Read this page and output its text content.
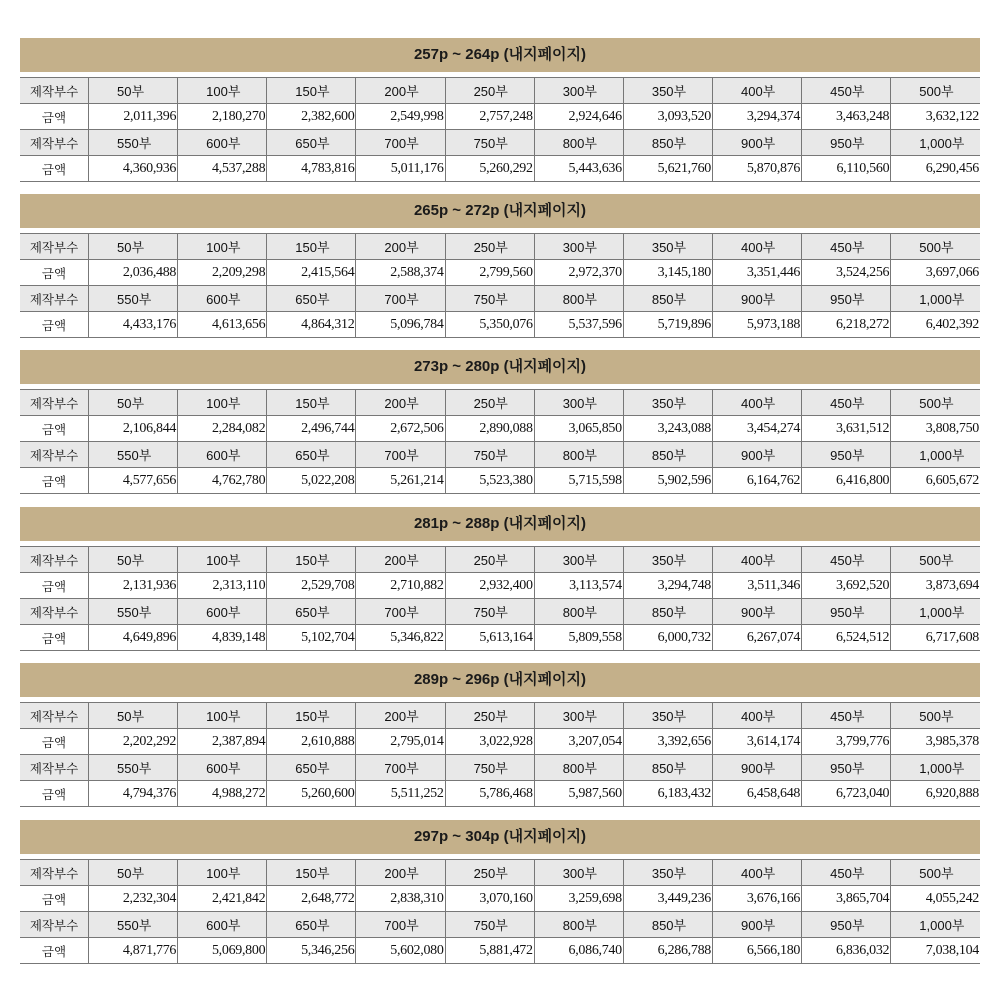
257p ~ 264p (내지페이지)
제작부수	50부	100부	150부	200부	250부	300부	350부	400부	450부	500부
금액	2,011,396	2,180,270	2,382,600	2,549,998	2,757,248	2,924,646	3,093,520	3,294,374	3,463,248	3,632,122
제작부수	550부	600부	650부	700부	750부	800부	850부	900부	950부	1,000부
금액	4,360,936	4,537,288	4,783,816	5,011,176	5,260,292	5,443,636	5,621,760	5,870,876	6,110,560	6,290,456
265p ~ 272p (내지페이지)
제작부수	50부	100부	150부	200부	250부	300부	350부	400부	450부	500부
금액	2,036,488	2,209,298	2,415,564	2,588,374	2,799,560	2,972,370	3,145,180	3,351,446	3,524,256	3,697,066
제작부수	550부	600부	650부	700부	750부	800부	850부	900부	950부	1,000부
금액	4,433,176	4,613,656	4,864,312	5,096,784	5,350,076	5,537,596	5,719,896	5,973,188	6,218,272	6,402,392
273p ~ 280p (내지페이지)
제작부수	50부	100부	150부	200부	250부	300부	350부	400부	450부	500부
금액	2,106,844	2,284,082	2,496,744	2,672,506	2,890,088	3,065,850	3,243,088	3,454,274	3,631,512	3,808,750
제작부수	550부	600부	650부	700부	750부	800부	850부	900부	950부	1,000부
금액	4,577,656	4,762,780	5,022,208	5,261,214	5,523,380	5,715,598	5,902,596	6,164,762	6,416,800	6,605,672
281p ~ 288p (내지페이지)
제작부수	50부	100부	150부	200부	250부	300부	350부	400부	450부	500부
금액	2,131,936	2,313,110	2,529,708	2,710,882	2,932,400	3,113,574	3,294,748	3,511,346	3,692,520	3,873,694
제작부수	550부	600부	650부	700부	750부	800부	850부	900부	950부	1,000부
금액	4,649,896	4,839,148	5,102,704	5,346,822	5,613,164	5,809,558	6,000,732	6,267,074	6,524,512	6,717,608
289p ~ 296p (내지페이지)
제작부수	50부	100부	150부	200부	250부	300부	350부	400부	450부	500부
금액	2,202,292	2,387,894	2,610,888	2,795,014	3,022,928	3,207,054	3,392,656	3,614,174	3,799,776	3,985,378
제작부수	550부	600부	650부	700부	750부	800부	850부	900부	950부	1,000부
금액	4,794,376	4,988,272	5,260,600	5,511,252	5,786,468	5,987,560	6,183,432	6,458,648	6,723,040	6,920,888
297p ~ 304p (내지페이지)
제작부수	50부	100부	150부	200부	250부	300부	350부	400부	450부	500부
금액	2,232,304	2,421,842	2,648,772	2,838,310	3,070,160	3,259,698	3,449,236	3,676,166	3,865,704	4,055,242
제작부수	550부	600부	650부	700부	750부	800부	850부	900부	950부	1,000부
금액	4,871,776	5,069,800	5,346,256	5,602,080	5,881,472	6,086,740	6,286,788	6,566,180	6,836,032	7,038,104
